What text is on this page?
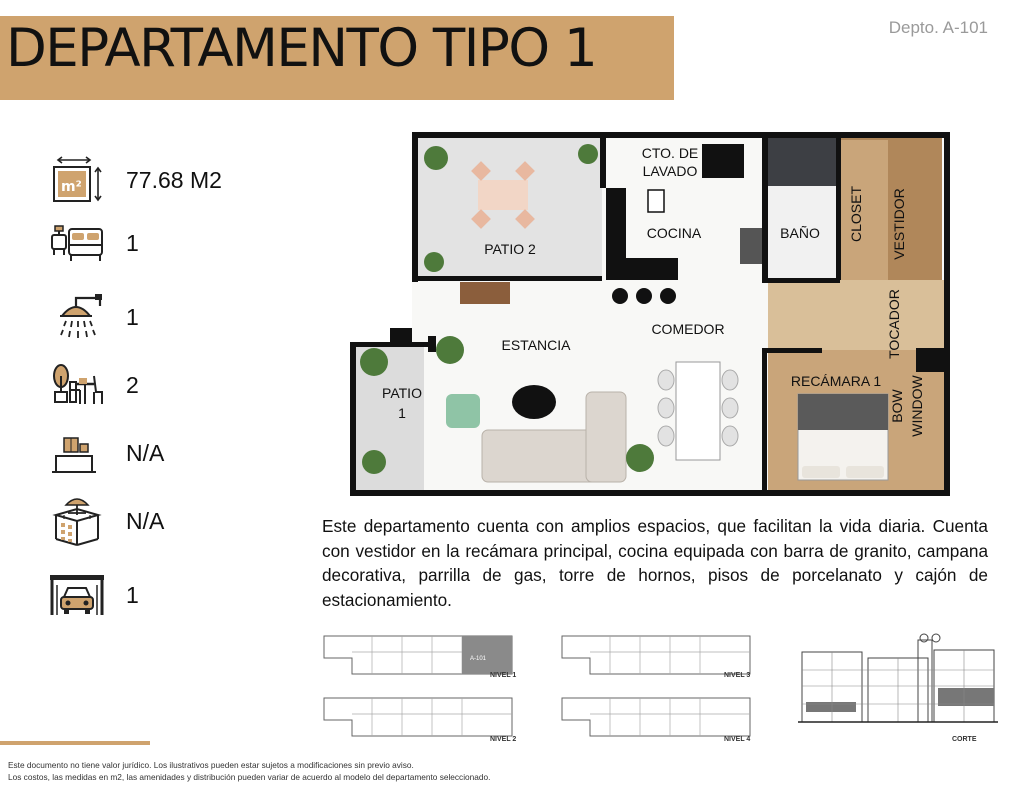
DEPARTAMENTO TIPO 1	Depto. A-101
m² 77.68 M2
1
1
2
N/A
N/A
1
PATIO 2
CTO. DE
LAVADO
COCINA	BAÑO
ESTANCIA
COMEDOR
RECÁMARA 1
PATIO
1
CLOSET VESTIDOR
TOCADOR
BOW WINDOW
Este departamento cuenta con amplios espacios, que facilitan la vida diaria. Cuenta con vestidor en la recámara principal, cocina equipada con barra de granito, campana decorativa, parrilla de gas, torre de hornos, pisos de porcelanato y cajón de estacionamiento.
A-101
NIVEL 1	NIVEL 3
NIVEL 2	NIVEL 4	CORTE
Este documento no tiene valor jurídico. Los ilustrativos pueden estar sujetos a modificaciones sin previo aviso.
Los costos, las medidas en m2, las amenidades y distribución pueden variar de acuerdo al modelo del departamento seleccionado.
